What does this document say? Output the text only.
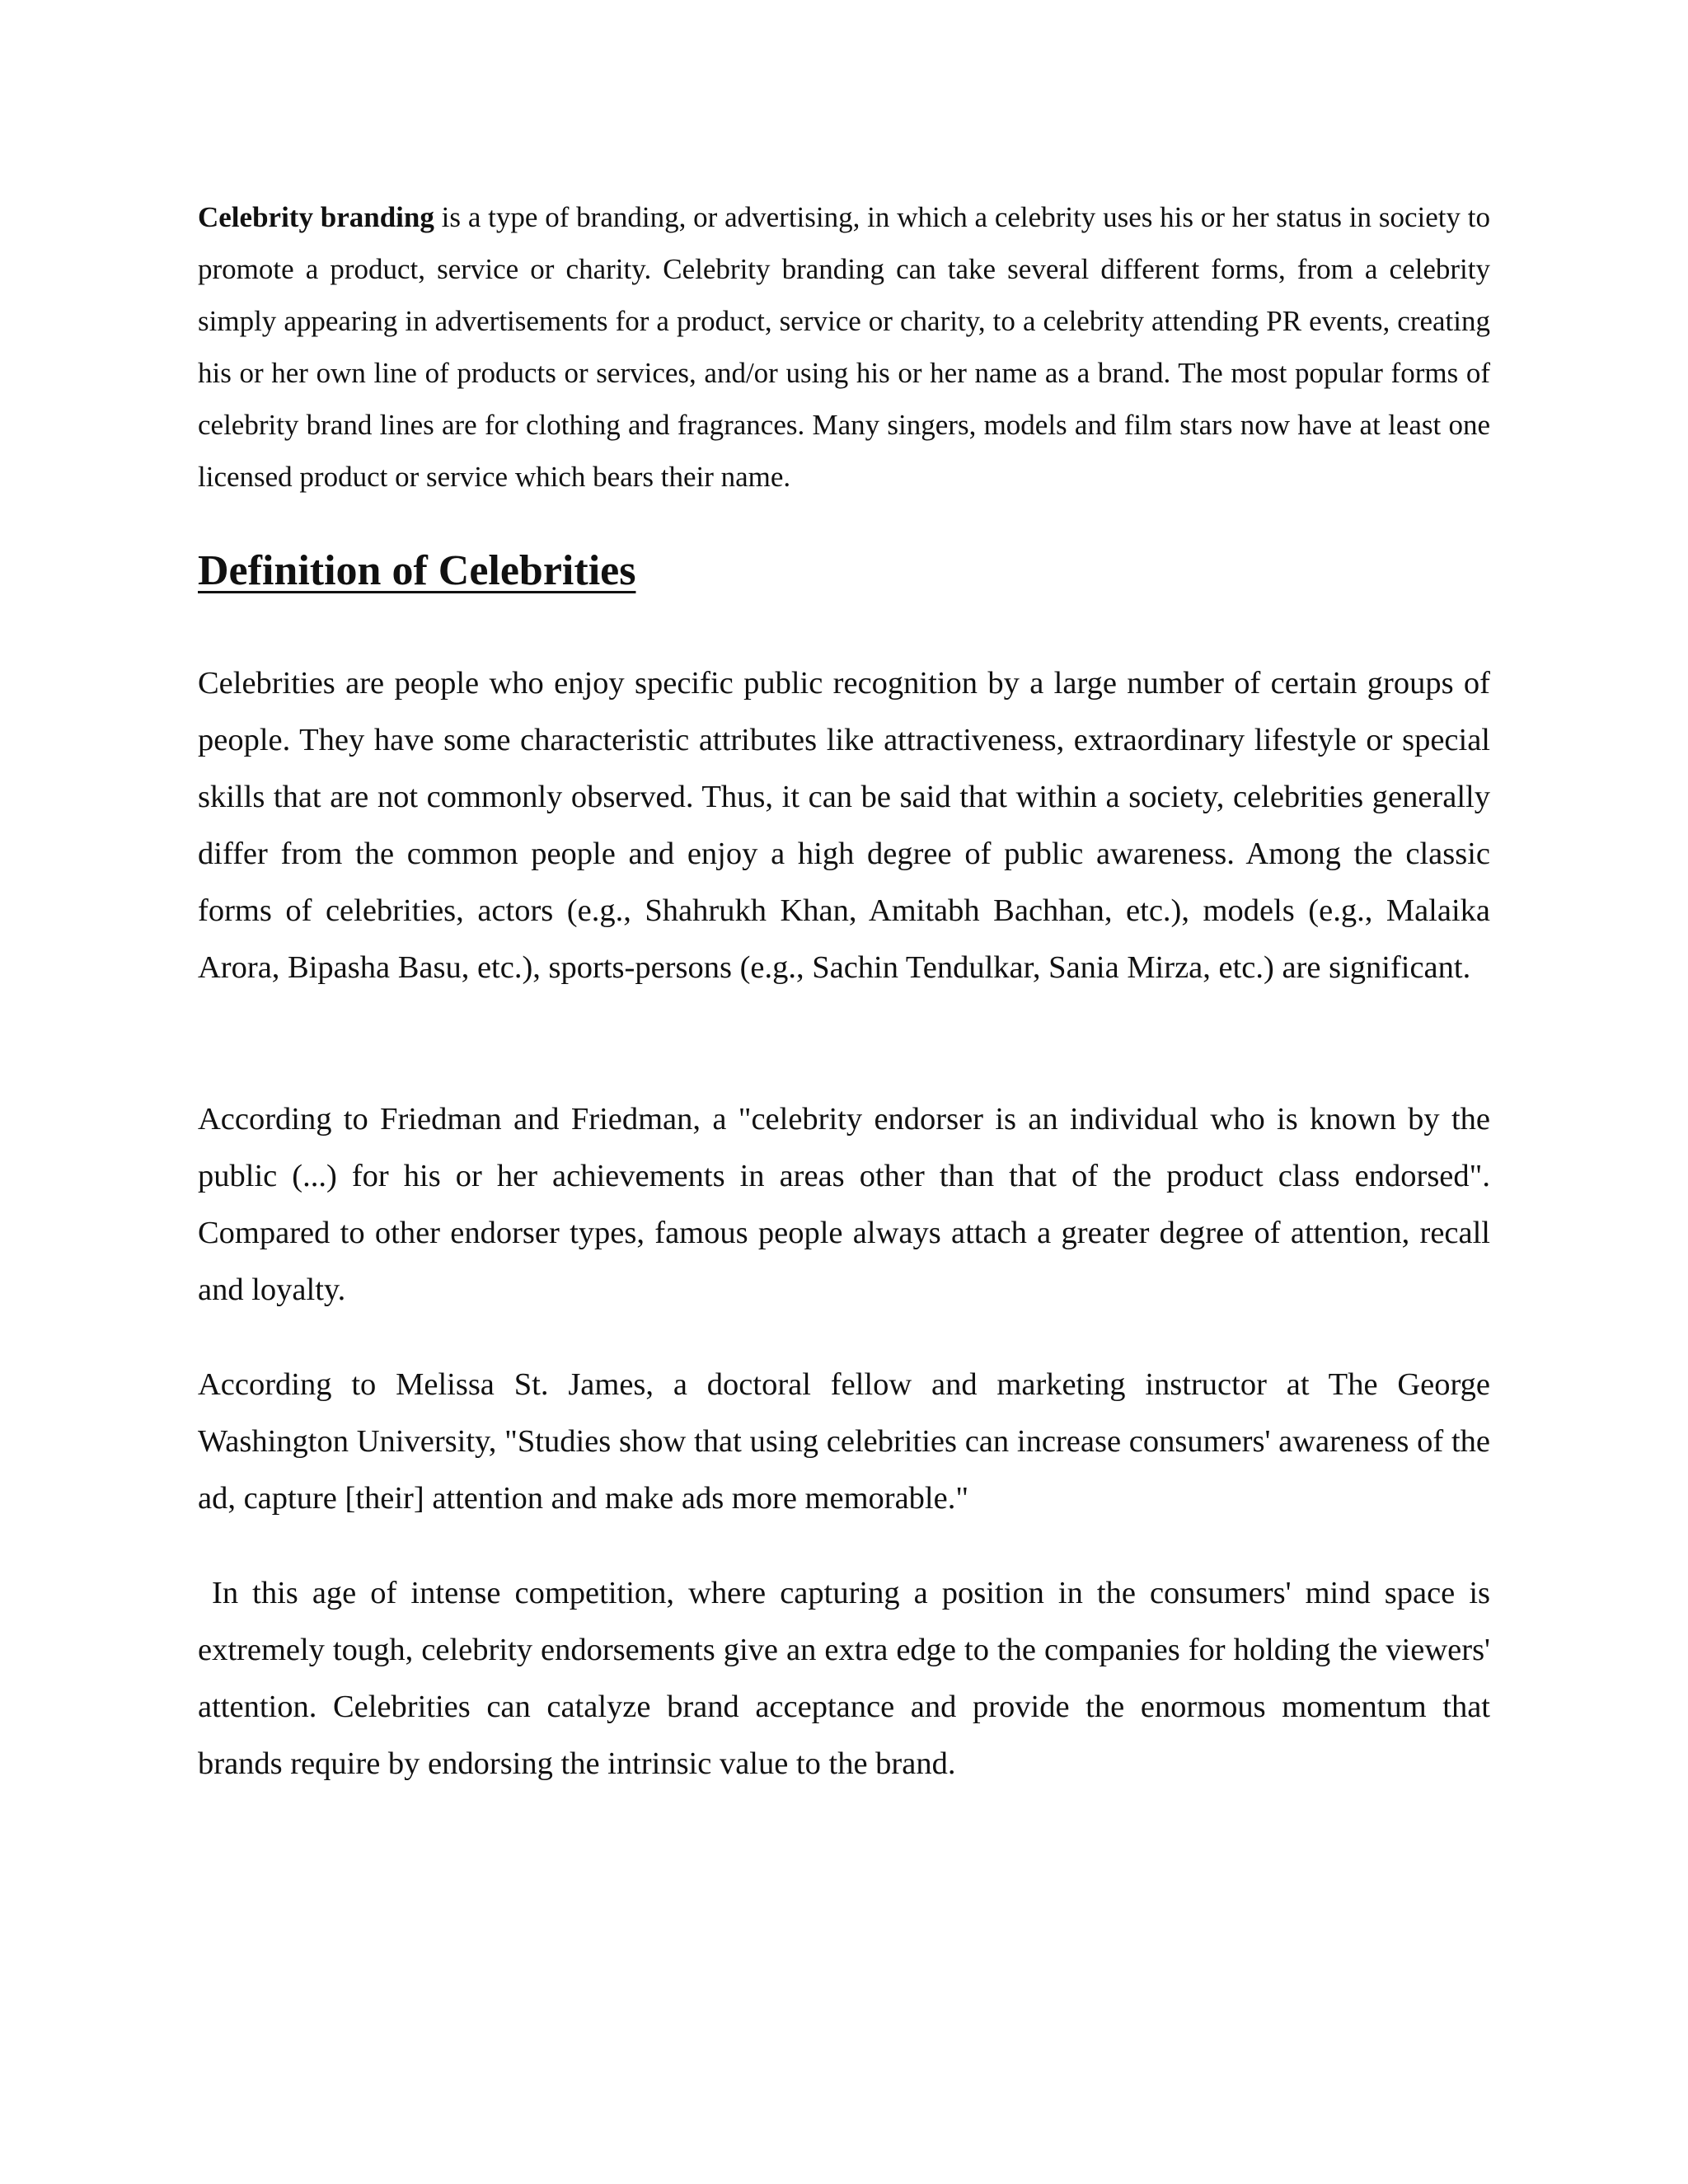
Celebrity branding is a type of branding, or advertising, in which a celebrity uses his or her status in society to promote a product, service or charity. Celebrity branding can take several different forms, from a celebrity simply appearing in advertisements for a product, service or charity, to a celebrity attending PR events, creating his or her own line of products or services, and/or using his or her name as a brand. The most popular forms of celebrity brand lines are for clothing and fragrances. Many singers, models and film stars now have at least one licensed product or service which bears their name.

Definition of Celebrities

Celebrities are people who enjoy specific public recognition by a large number of certain groups of people. They have some characteristic attributes like attractiveness, extraordinary lifestyle or special skills that are not commonly observed. Thus, it can be said that within a society, celebrities generally differ from the common people and enjoy a high degree of public awareness. Among the classic forms of celebrities, actors (e.g., Shahrukh Khan, Amitabh Bachhan, etc.), models (e.g., Malaika Arora, Bipasha Basu, etc.), sports-persons (e.g., Sachin Tendulkar, Sania Mirza, etc.) are significant.

According to Friedman and Friedman, a "celebrity endorser is an individual who is known by the public (...) for his or her achievements in areas other than that of the product class endorsed". Compared to other endorser types, famous people always attach a greater degree of attention, recall and loyalty.

According to Melissa St. James, a doctoral fellow and marketing instructor at The George Washington University, "Studies show that using celebrities can increase consumers' awareness of the ad, capture [their] attention and make ads more memorable."

In this age of intense competition, where capturing a position in the consumers' mind space is extremely tough, celebrity endorsements give an extra edge to the companies for holding the viewers' attention. Celebrities can catalyze brand acceptance and provide the enormous momentum that brands require by endorsing the intrinsic value to the brand.
